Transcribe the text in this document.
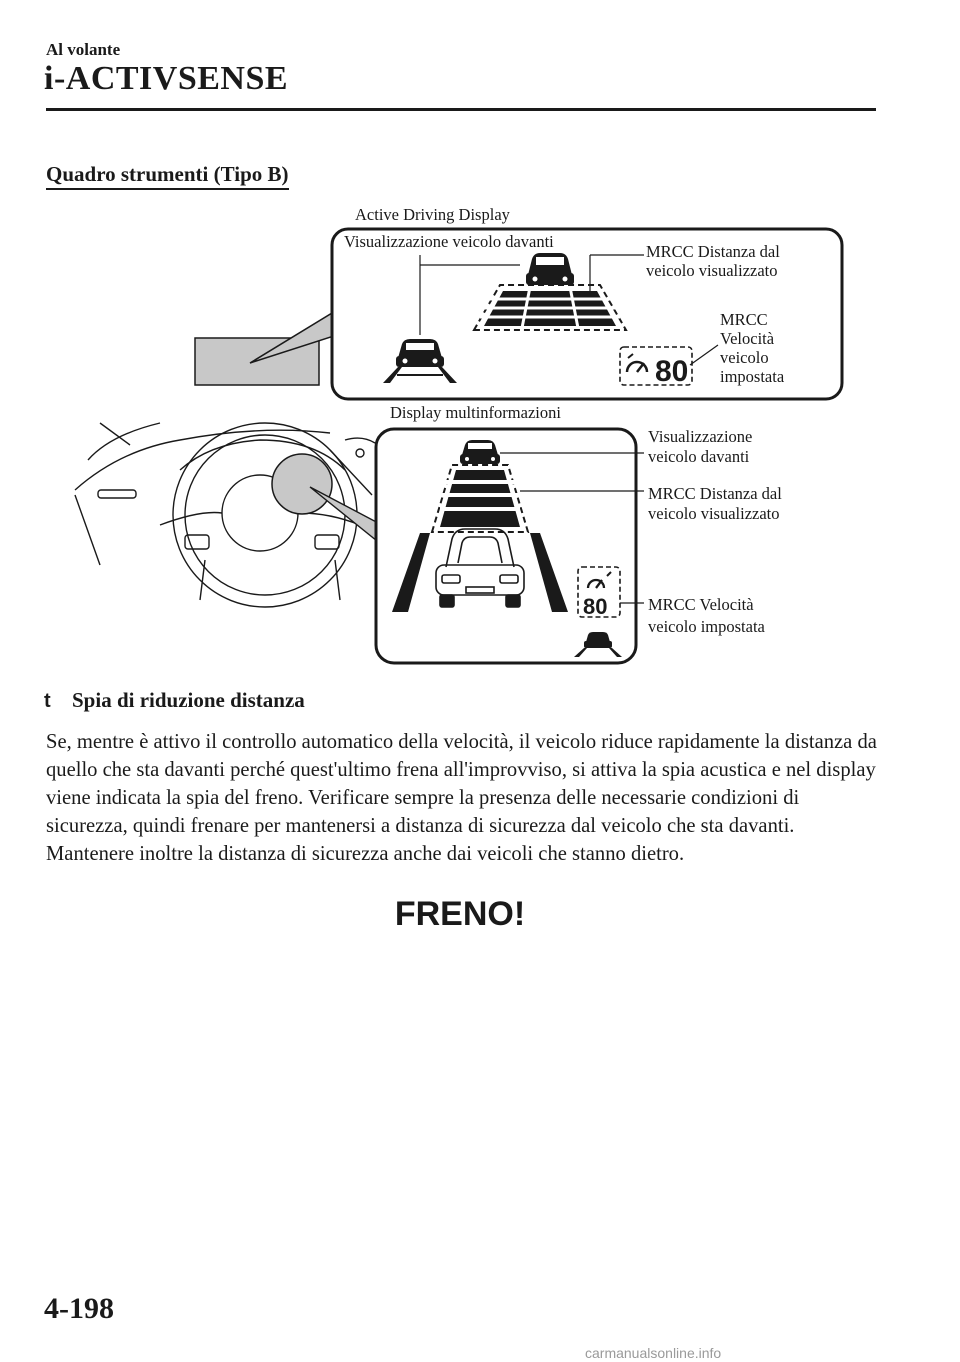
Al volante
i-ACTIVSENSE
Quadro strumenti (Tipo B)
Active Driving Display
Visualizzazione veicolo davanti
MRCC Distanza dal
veicolo visualizzato
MRCC Velocità veicolo impostata
80
Display multinformazioni
Visualizzazione
veicolo davanti
MRCC Distanza dal
veicolo visualizzato
MRCC Velocità
veicolo impostata
80
t Spia di riduzione distanza
Se, mentre è attivo il controllo automatico della velocità, il veicolo riduce rapidamente la distanza da quello che sta davanti perché quest'ultimo frena all'improvviso, si attiva la spia acustica e nel display viene indicata la spia del freno. Verificare sempre la presenza delle necessarie condizioni di sicurezza, quindi frenare per mantenersi a distanza di sicurezza dal veicolo che sta davanti. Mantenere inoltre la distanza di sicurezza anche dai veicoli che stanno dietro.
FRENO!
4-198
carmanualsonline.info
